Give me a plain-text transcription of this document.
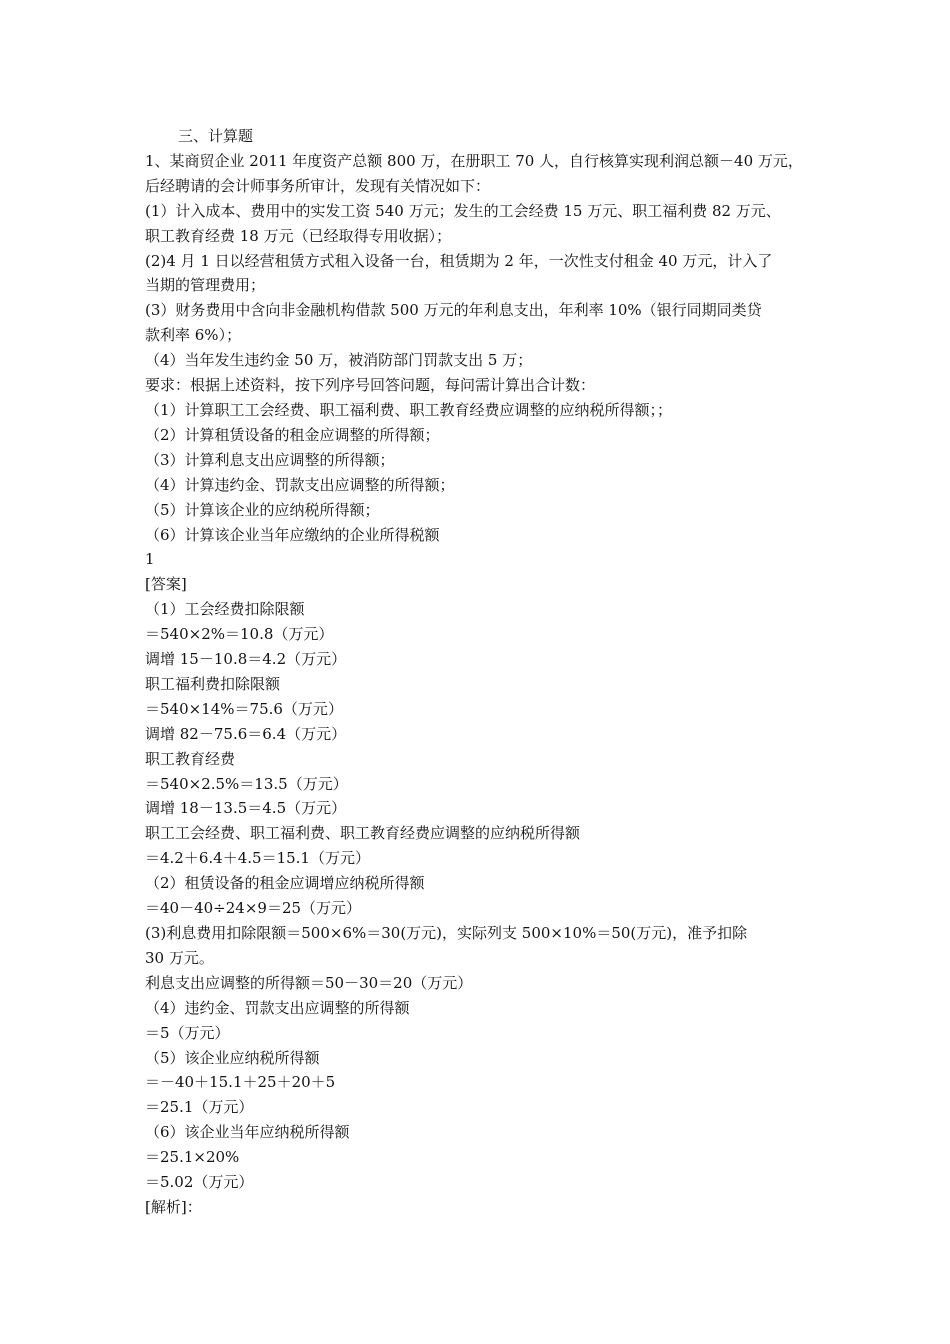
三、计算题
1、某商贸企业 2011 年度资产总额 800 万，在册职工 70 人，自行核算实现利润总额－40 万元，
后经聘请的会计师事务所审计，发现有关情况如下：
(1）计入成本、费用中的实发工资 540 万元；发生的工会经费 15 万元、职工福利费 82 万元、
职工教育经费 18 万元（已经取得专用收据）；
(2)4 月 1 日以经营租赁方式租入设备一台，租赁期为 2 年，一次性支付租金 40 万元，计入了
当期的管理费用；
(3）财务费用中含向非金融机构借款 500 万元的年利息支出，年利率 10%（银行同期同类贷
款利率 6%）；
（4）当年发生违约金 50 万，被消防部门罚款支出 5 万；
要求：根据上述资料，按下列序号回答问题，每问需计算出合计数：
（1）计算职工工会经费、职工福利费、职工教育经费应调整的应纳税所得额；；
（2）计算租赁设备的租金应调整的所得额；
（3）计算利息支出应调整的所得额；
（4）计算违约金、罚款支出应调整的所得额；
（5）计算该企业的应纳税所得额；
（6）计算该企业当年应缴纳的企业所得税额
1
[答案]
（1）工会经费扣除限额
＝540×2%＝10.8（万元）
调增 15－10.8＝4.2（万元）
职工福利费扣除限额
＝540×14%＝75.6（万元）
调增 82－75.6＝6.4（万元）
职工教育经费
＝540×2.5%＝13.5（万元）
调增 18－13.5＝4.5（万元）
职工工会经费、职工福利费、职工教育经费应调整的应纳税所得额
＝4.2＋6.4＋4.5＝15.1（万元）
（2）租赁设备的租金应调增应纳税所得额
＝40－40÷24×9＝25（万元）
(3)利息费用扣除限额＝500×6%＝30(万元)，实际列支 500×10%＝50(万元)，准予扣除
30 万元。
利息支出应调整的所得额＝50－30＝20（万元）
（4）违约金、罚款支出应调整的所得额
＝5（万元）
（5）该企业应纳税所得额
＝－40＋15.1＋25＋20＋5
＝25.1（万元）
（6）该企业当年应纳税所得额
＝25.1×20%
＝5.02（万元）
[解析]：
